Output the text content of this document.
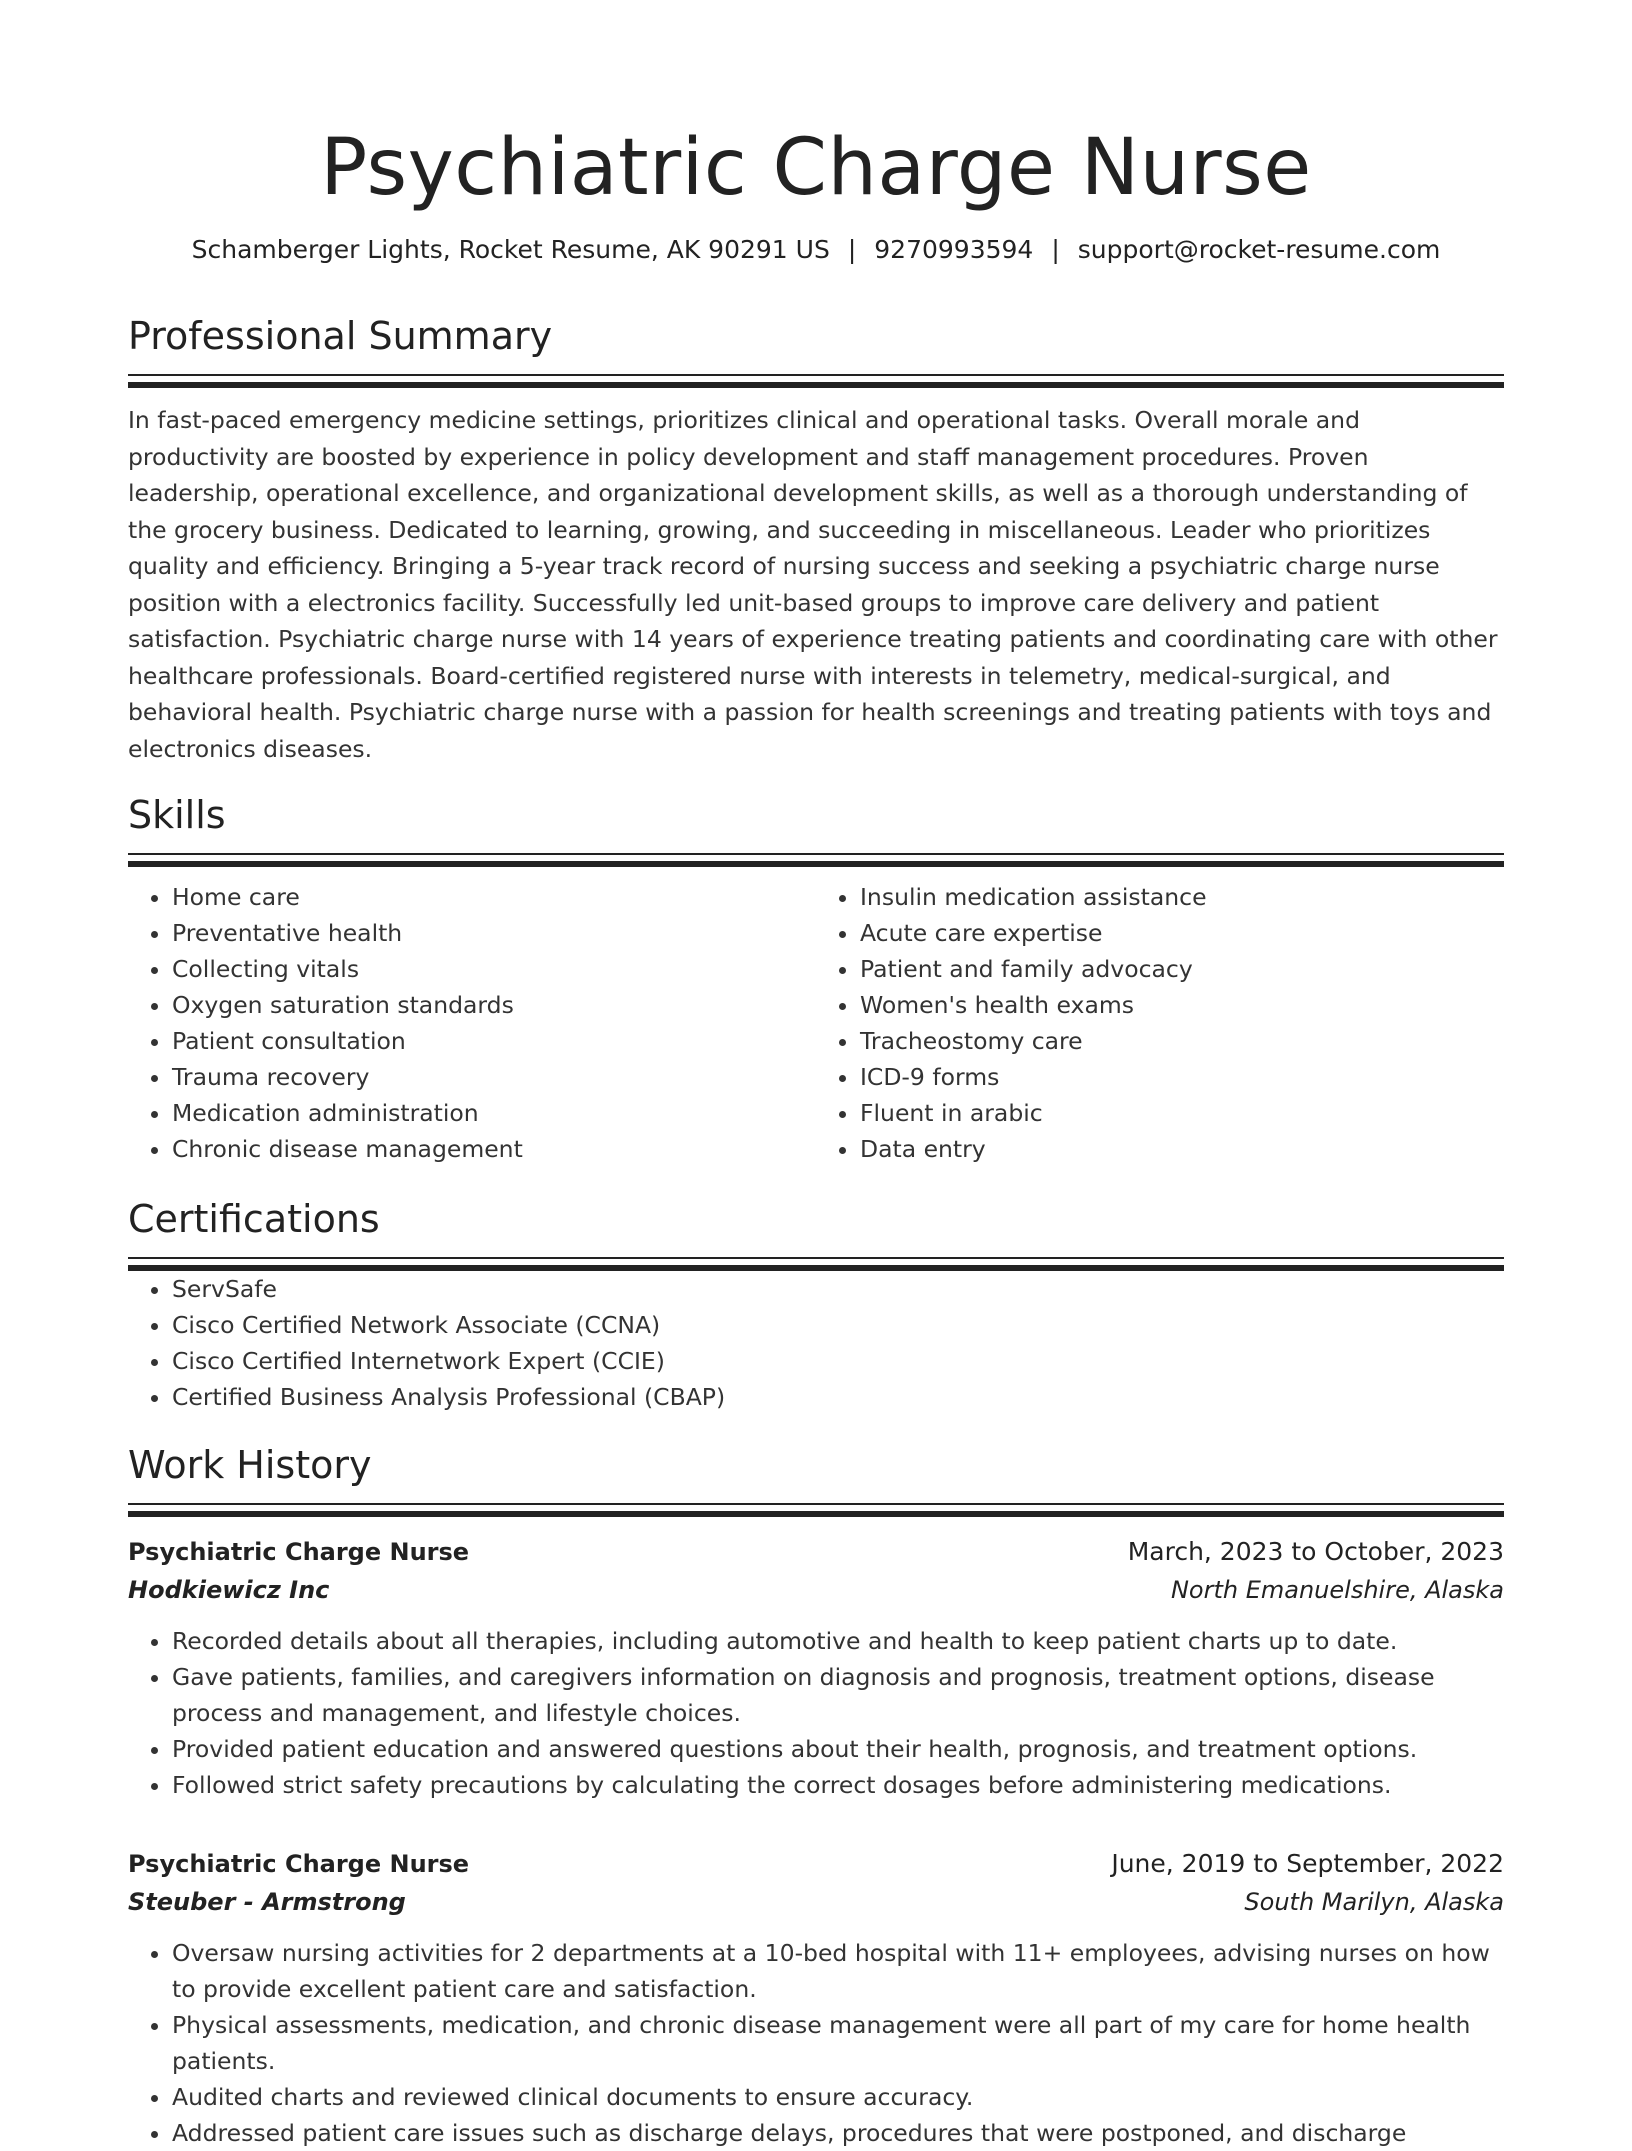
Psychiatric Charge Nurse
Schamberger Lights, Rocket Resume, AK 90291 US | 9270993594 | support@rocket-resume.com
Professional Summary

In fast-paced emergency medicine settings, prioritizes clinical and operational tasks. Overall morale and productivity are boosted by experience in policy development and staff management procedures. Proven leadership, operational excellence, and organizational development skills, as well as a thorough understanding of the grocery business. Dedicated to learning, growing, and succeeding in miscellaneous. Leader who prioritizes quality and efficiency. Bringing a 5-year track record of nursing success and seeking a psychiatric charge nurse position with a electronics facility. Successfully led unit-based groups to improve care delivery and patient satisfaction. Psychiatric charge nurse with 14 years of experience treating patients and coordinating care with other healthcare professionals. Board-certified registered nurse with interests in telemetry, medical-surgical, and behavioral health. Psychiatric charge nurse with a passion for health screenings and treating patients with toys and electronics diseases.

Skills
• Home care
• Preventative health
• Collecting vitals
• Oxygen saturation standards
• Patient consultation
• Trauma recovery
• Medication administration
• Chronic disease management
• Insulin medication assistance
• Acute care expertise
• Patient and family advocacy
• Women's health exams
• Tracheostomy care
• ICD-9 forms
• Fluent in arabic
• Data entry
Certifications
• ServSafe
• Cisco Certified Network Associate (CCNA)
• Cisco Certified Internetwork Expert (CCIE)
• Certified Business Analysis Professional (CBAP)
Work History
Psychiatric Charge Nurse	March, 2023 to October, 2023
Hodkiewicz Inc	North Emanuelshire, Alaska
• Recorded details about all therapies, including automotive and health to keep patient charts up to date.
• Gave patients, families, and caregivers information on diagnosis and prognosis, treatment options, disease process and management, and lifestyle choices.
• Provided patient education and answered questions about their health, prognosis, and treatment options.
• Followed strict safety precautions by calculating the correct dosages before administering medications.
Psychiatric Charge Nurse	June, 2019 to September, 2022
Steuber - Armstrong	South Marilyn, Alaska
• Oversaw nursing activities for 2 departments at a 10-bed hospital with 11+ employees, advising nurses on how to provide excellent patient care and satisfaction.
• Physical assessments, medication, and chronic disease management were all part of my care for home health patients.
• Audited charts and reviewed clinical documents to ensure accuracy.
• Addressed patient care issues such as discharge delays, procedures that were postponed, and discharge
